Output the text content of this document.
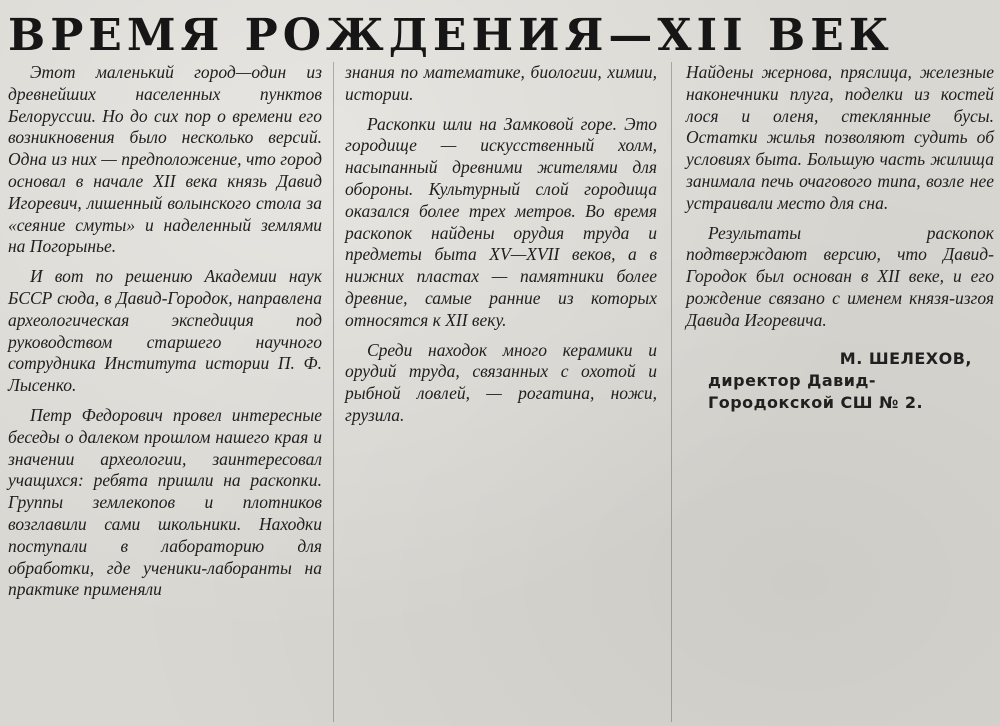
ВРЕМЯ РОЖДЕНИЯ—XII ВЕК

Этот маленький город—один из древнейших населенных пунктов Белоруссии. Но до сих пор о времени его возникновения было несколько версий. Одна из них — предположение, что город основал в начале XII века князь Давид Игоревич, лишенный волынского стола за «сеяние смуты» и наделенный землями на Погорынье.

И вот по решению Академии наук БССР сюда, в Давид-Городок, направлена археологическая экспедиция под руководством старшего научного сотрудника Института истории П. Ф. Лысенко.

Петр Федорович провел интересные беседы о далеком прошлом нашего края и значении археологии, заинтересовал учащихся: ребята пришли на раскопки. Группы землекопов и плотников возглавили сами школьники. Находки поступали в лабораторию для обработки, где ученики-лаборанты на практике применяли

знания по математике, биологии, химии, истории.

Раскопки шли на Замковой горе. Это городище — искусственный холм, насыпанный древними жителями для обороны. Культурный слой городища оказался более трех метров. Во время раскопок найдены орудия труда и предметы быта XV—XVII веков, а в нижних пластах — памятники более древние, самые ранние из которых относятся к XII веку.

Среди находок много керамики и орудий труда, связанных с охотой и рыбной ловлей, — рогатина, ножи, грузила.

Найдены жернова, пряслица, железные наконечники плуга, поделки из костей лося и оленя, стеклянные бусы. Остатки жилья позволяют судить об условиях быта. Большую часть жилища занимала печь очагового типа, возле нее устраивали место для сна.

Результаты раскопок подтверждают версию, что Давид-Городок был основан в XII веке, и его рождение связано с именем князя-изгоя Давида Игоревича.

М. ШЕЛЕХОВ,
директор Давид-Городокской СШ № 2.
